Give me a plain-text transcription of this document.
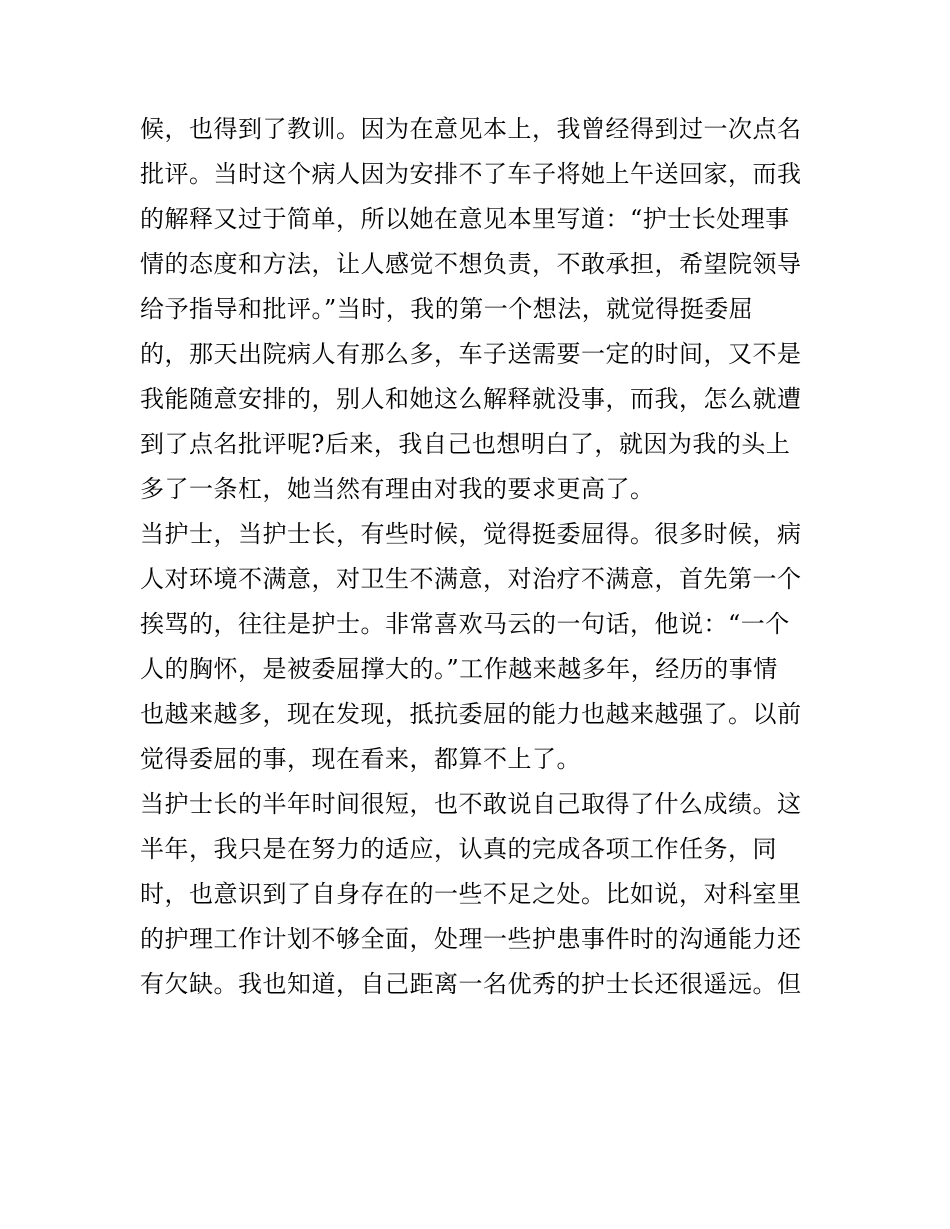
候，也得到了教训。因为在意见本上，我曾经得到过一次点名
批评。当时这个病人因为安排不了车子将她上午送回家，而我
的解释又过于简单，所以她在意见本里写道：“护士长处理事
情的态度和方法，让人感觉不想负责，不敢承担，希望院领导
给予指导和批评。”当时，我的第一个想法，就觉得挺委屈
的，那天出院病人有那么多，车子送需要一定的时间，又不是
我能随意安排的，别人和她这么解释就没事，而我，怎么就遭
到了点名批评呢?后来，我自己也想明白了，就因为我的头上
多了一条杠，她当然有理由对我的要求更高了。
当护士，当护士长，有些时候，觉得挺委屈得。很多时候，病
人对环境不满意，对卫生不满意，对治疗不满意，首先第一个
挨骂的，往往是护士。非常喜欢马云的一句话，他说：“一个
人的胸怀，是被委屈撑大的。”工作越来越多年，经历的事情
也越来越多，现在发现，抵抗委屈的能力也越来越强了。以前
觉得委屈的事，现在看来，都算不上了。
当护士长的半年时间很短，也不敢说自己取得了什么成绩。这
半年，我只是在努力的适应，认真的完成各项工作任务，同
时，也意识到了自身存在的一些不足之处。比如说，对科室里
的护理工作计划不够全面，处理一些护患事件时的沟通能力还
有欠缺。我也知道，自己距离一名优秀的护士长还很遥远。但
